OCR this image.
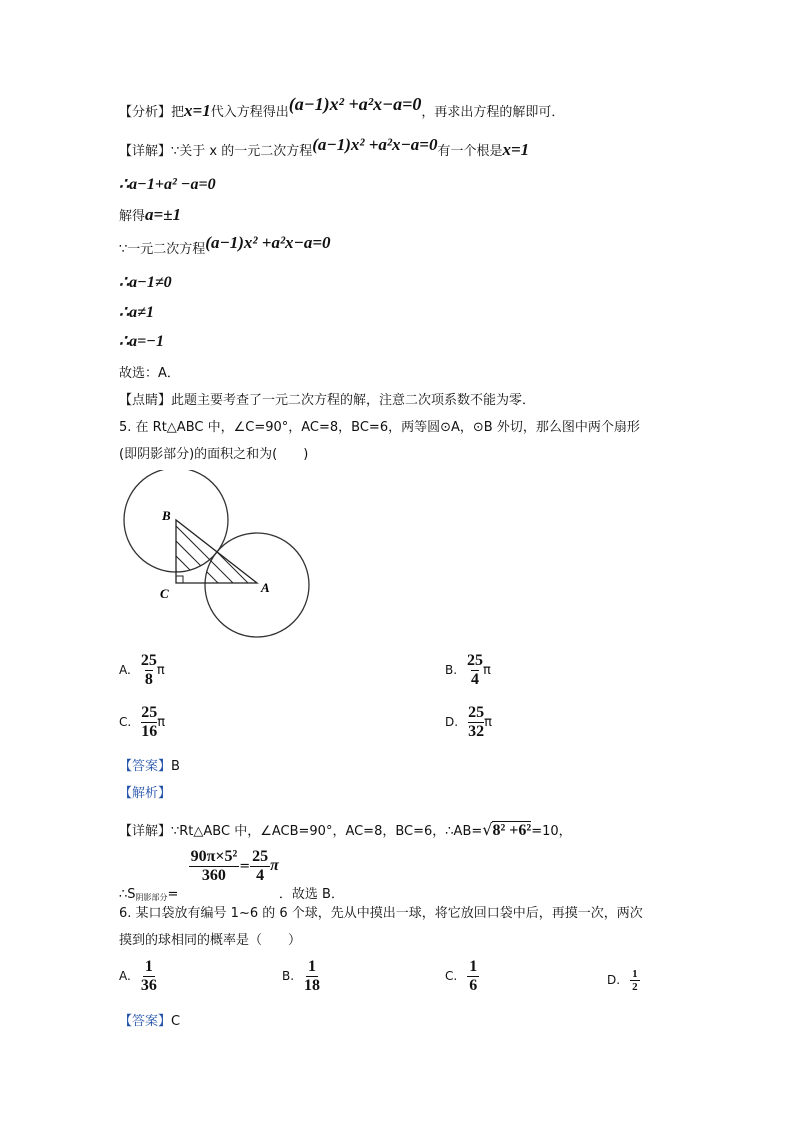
【分析】把x=1代入方程得出(a−1)x² +a²x−a=0，再求出方程的解即可．
【详解】∵关于 x 的一元二次方程(a−1)x² +a²x−a=0有一个根是x=1
∴a−1+a² −a=0
解得a=±1
∵一元二次方程(a−1)x² +a²x−a=0
∴a−1≠0
∴a≠1
∴a=−1
故选：A．
【点睛】此题主要考查了一元二次方程的解，注意二次项系数不能为零．
5. 在 Rt△ABC 中，∠C=90°，AC=8，BC=6，两等圆⊙A，⊙B 外切，那么图中两个扇形
(即阴影部分)的面积之和为(　　)
B
C	A
A. $\frac{25}{8}$ π	B. $\frac{25}{4}$ π
C. $\frac{25}{16}$ π	D. $\frac{25}{32}$ π
【答案】B
【解析】
【详解】∵Rt△ABC 中，∠ACB=90°，AC=8，BC=6，∴AB=√8² +6²=10，
$\therefore S_{阴影部分}=$
$\frac{\text{90π×5²}}{360} = \frac{25}{4}$ π．故选 B．
6. 某口袋放有编号 1~6 的 6 个球，先从中摸出一球，将它放回口袋中后，再摸一次，两次
摸到的球相同的概率是（　　）
A. $\frac{1}{36}$	B. $\frac{1}{18}$	C. $\frac{1}{6}$	D. $\frac{1}{2}$
【答案】C
